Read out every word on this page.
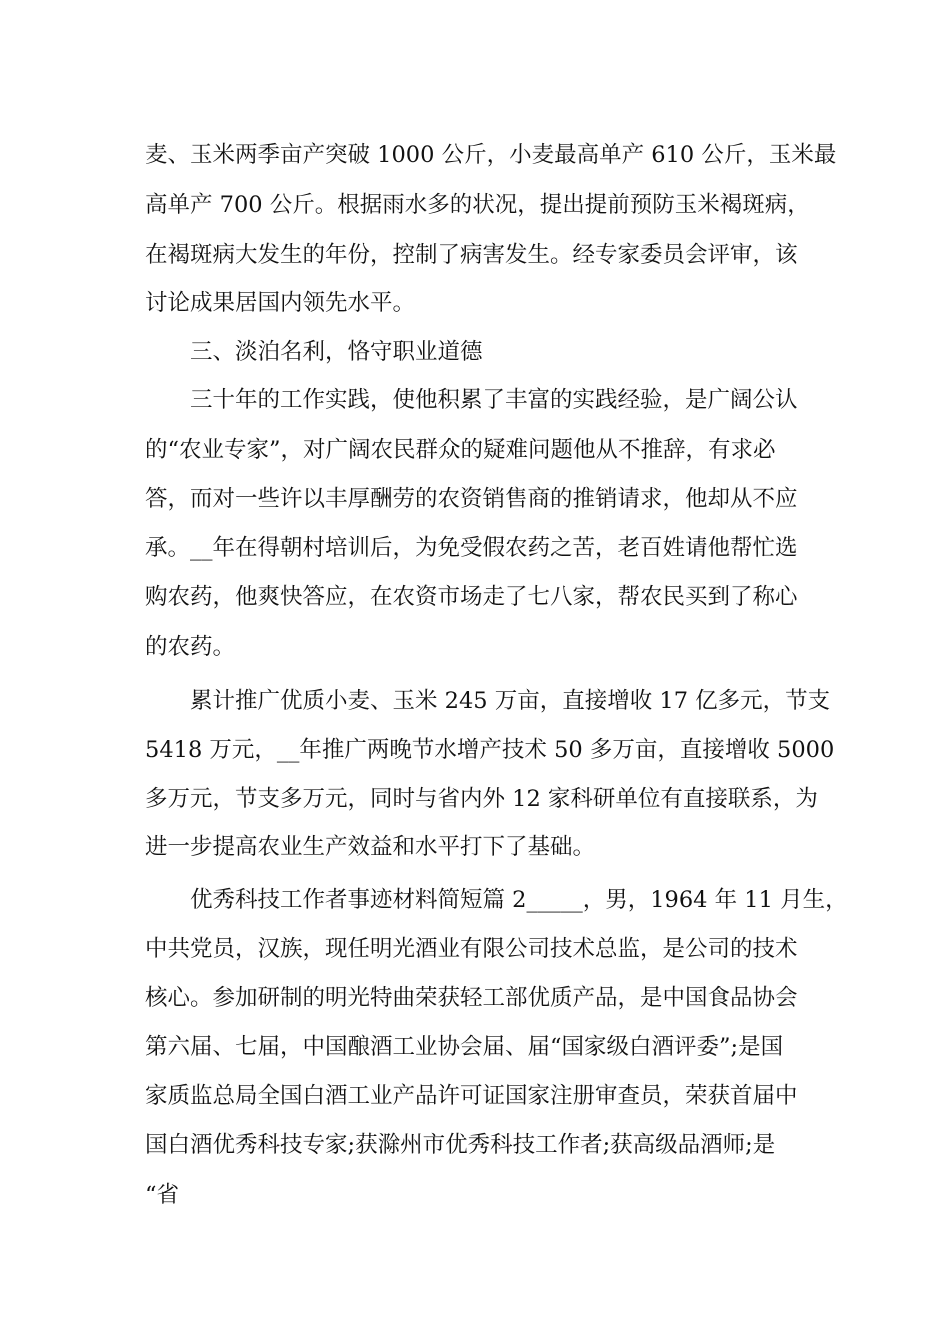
麦、玉米两季亩产突破 1000 公斤，小麦最高单产 610 公斤，玉米最

高单产 700 公斤。根据雨水多的状况，提出提前预防玉米褐斑病，

在褐斑病大发生的年份，控制了病害发生。经专家委员会评审，该

讨论成果居国内领先水平。

三、淡泊名利，恪守职业道德

三十年的工作实践，使他积累了丰富的实践经验，是广阔公认

的“农业专家”，对广阔农民群众的疑难问题他从不推辞，有求必

答，而对一些许以丰厚酬劳的农资销售商的推销请求，他却从不应

承。__年在得朝村培训后，为免受假农药之苦，老百姓请他帮忙选

购农药，他爽快答应，在农资市场走了七八家，帮农民买到了称心

的农药。

累计推广优质小麦、玉米 245 万亩，直接增收 17 亿多元，节支

5418 万元，__年推广两晚节水增产技术 50 多万亩，直接增收 5000

多万元，节支多万元，同时与省内外 12 家科研单位有直接联系，为

进一步提高农业生产效益和水平打下了基础。

优秀科技工作者事迹材料简短篇 2_____，男，1964 年 11 月生，

中共党员，汉族，现任明光酒业有限公司技术总监，是公司的技术

核心。参加研制的明光特曲荣获轻工部优质产品，是中国食品协会

第六届、七届，中国酿酒工业协会届、届“国家级白酒评委”;是国

家质监总局全国白酒工业产品许可证国家注册审查员，荣获首届中

国白酒优秀科技专家;获滁州市优秀科技工作者;获高级品酒师;是

“省
